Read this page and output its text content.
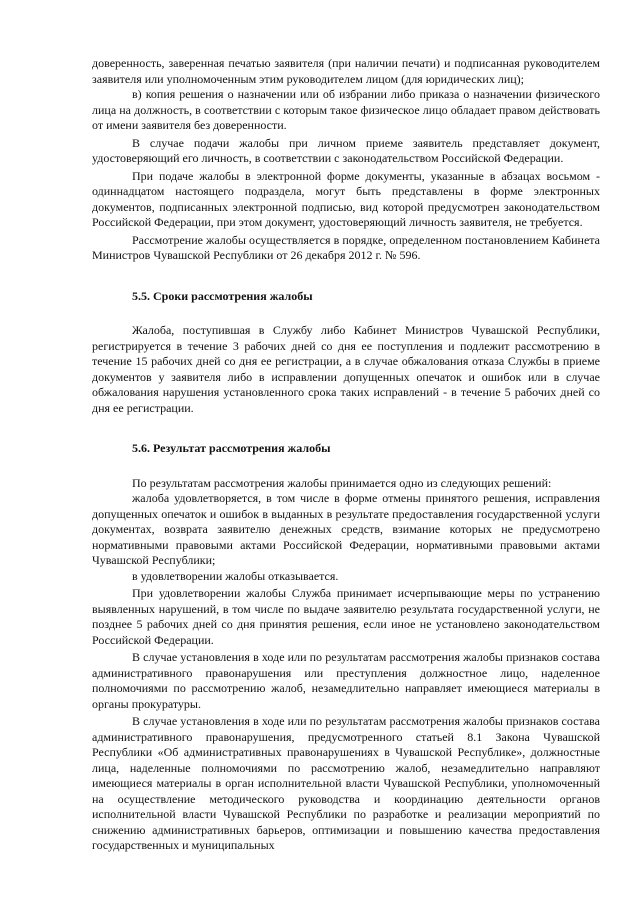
доверенность, заверенная печатью заявителя (при наличии печати) и подписанная руководителем заявителя или уполномоченным этим руководителем лицом (для юридических лиц);

в) копия решения о назначении или об избрании либо приказа о назначении физического лица на должность, в соответствии с которым такое физическое лицо обладает правом действовать от имени заявителя без доверенности.

В случае подачи жалобы при личном приеме заявитель представляет документ, удостоверяющий его личность, в соответствии с законодательством Российской Федерации.

При подаче жалобы в электронной форме документы, указанные в абзацах восьмом - одиннадцатом настоящего подраздела, могут быть представлены в форме электронных документов, подписанных электронной подписью, вид которой предусмотрен законодательством Российской Федерации, при этом документ, удостоверяющий личность заявителя, не требуется.

Рассмотрение жалобы осуществляется в порядке, определенном постановлением Кабинета Министров Чувашской Республики от 26 декабря 2012 г. № 596.

5.5. Сроки рассмотрения жалобы

Жалоба, поступившая в Службу либо Кабинет Министров Чувашской Республики, регистрируется в течение 3 рабочих дней со дня ее поступления и подлежит рассмотрению в течение 15 рабочих дней со дня ее регистрации, а в случае обжалования отказа Службы в приеме документов у заявителя либо в исправлении допущенных опечаток и ошибок или в случае обжалования нарушения установленного срока таких исправлений - в течение 5 рабочих дней со дня ее регистрации.

5.6. Результат рассмотрения жалобы

По результатам рассмотрения жалобы принимается одно из следующих решений:

жалоба удовлетворяется, в том числе в форме отмены принятого решения, исправления допущенных опечаток и ошибок в выданных в результате предоставления государственной услуги документах, возврата заявителю денежных средств, взимание которых не предусмотрено нормативными правовыми актами Российской Федерации, нормативными правовыми актами Чувашской Республики;

в удовлетворении жалобы отказывается.

При удовлетворении жалобы Служба принимает исчерпывающие меры по устранению выявленных нарушений, в том числе по выдаче заявителю результата государственной услуги, не позднее 5 рабочих дней со дня принятия решения, если иное не установлено законодательством Российской Федерации.

В случае установления в ходе или по результатам рассмотрения жалобы признаков состава административного правонарушения или преступления должностное лицо, наделенное полномочиями по рассмотрению жалоб, незамедлительно направляет имеющиеся материалы в органы прокуратуры.

В случае установления в ходе или по результатам рассмотрения жалобы признаков состава административного правонарушения, предусмотренного статьей 8.1 Закона Чувашской Республики «Об административных правонарушениях в Чувашской Республике», должностные лица, наделенные полномочиями по рассмотрению жалоб, незамедлительно направляют имеющиеся материалы в орган исполнительной власти Чувашской Республики, уполномоченный на осуществление методического руководства и координацию деятельности органов исполнительной власти Чувашской Республики по разработке и реализации мероприятий по снижению административных барьеров, оптимизации и повышению качества предоставления государственных и муниципальных
